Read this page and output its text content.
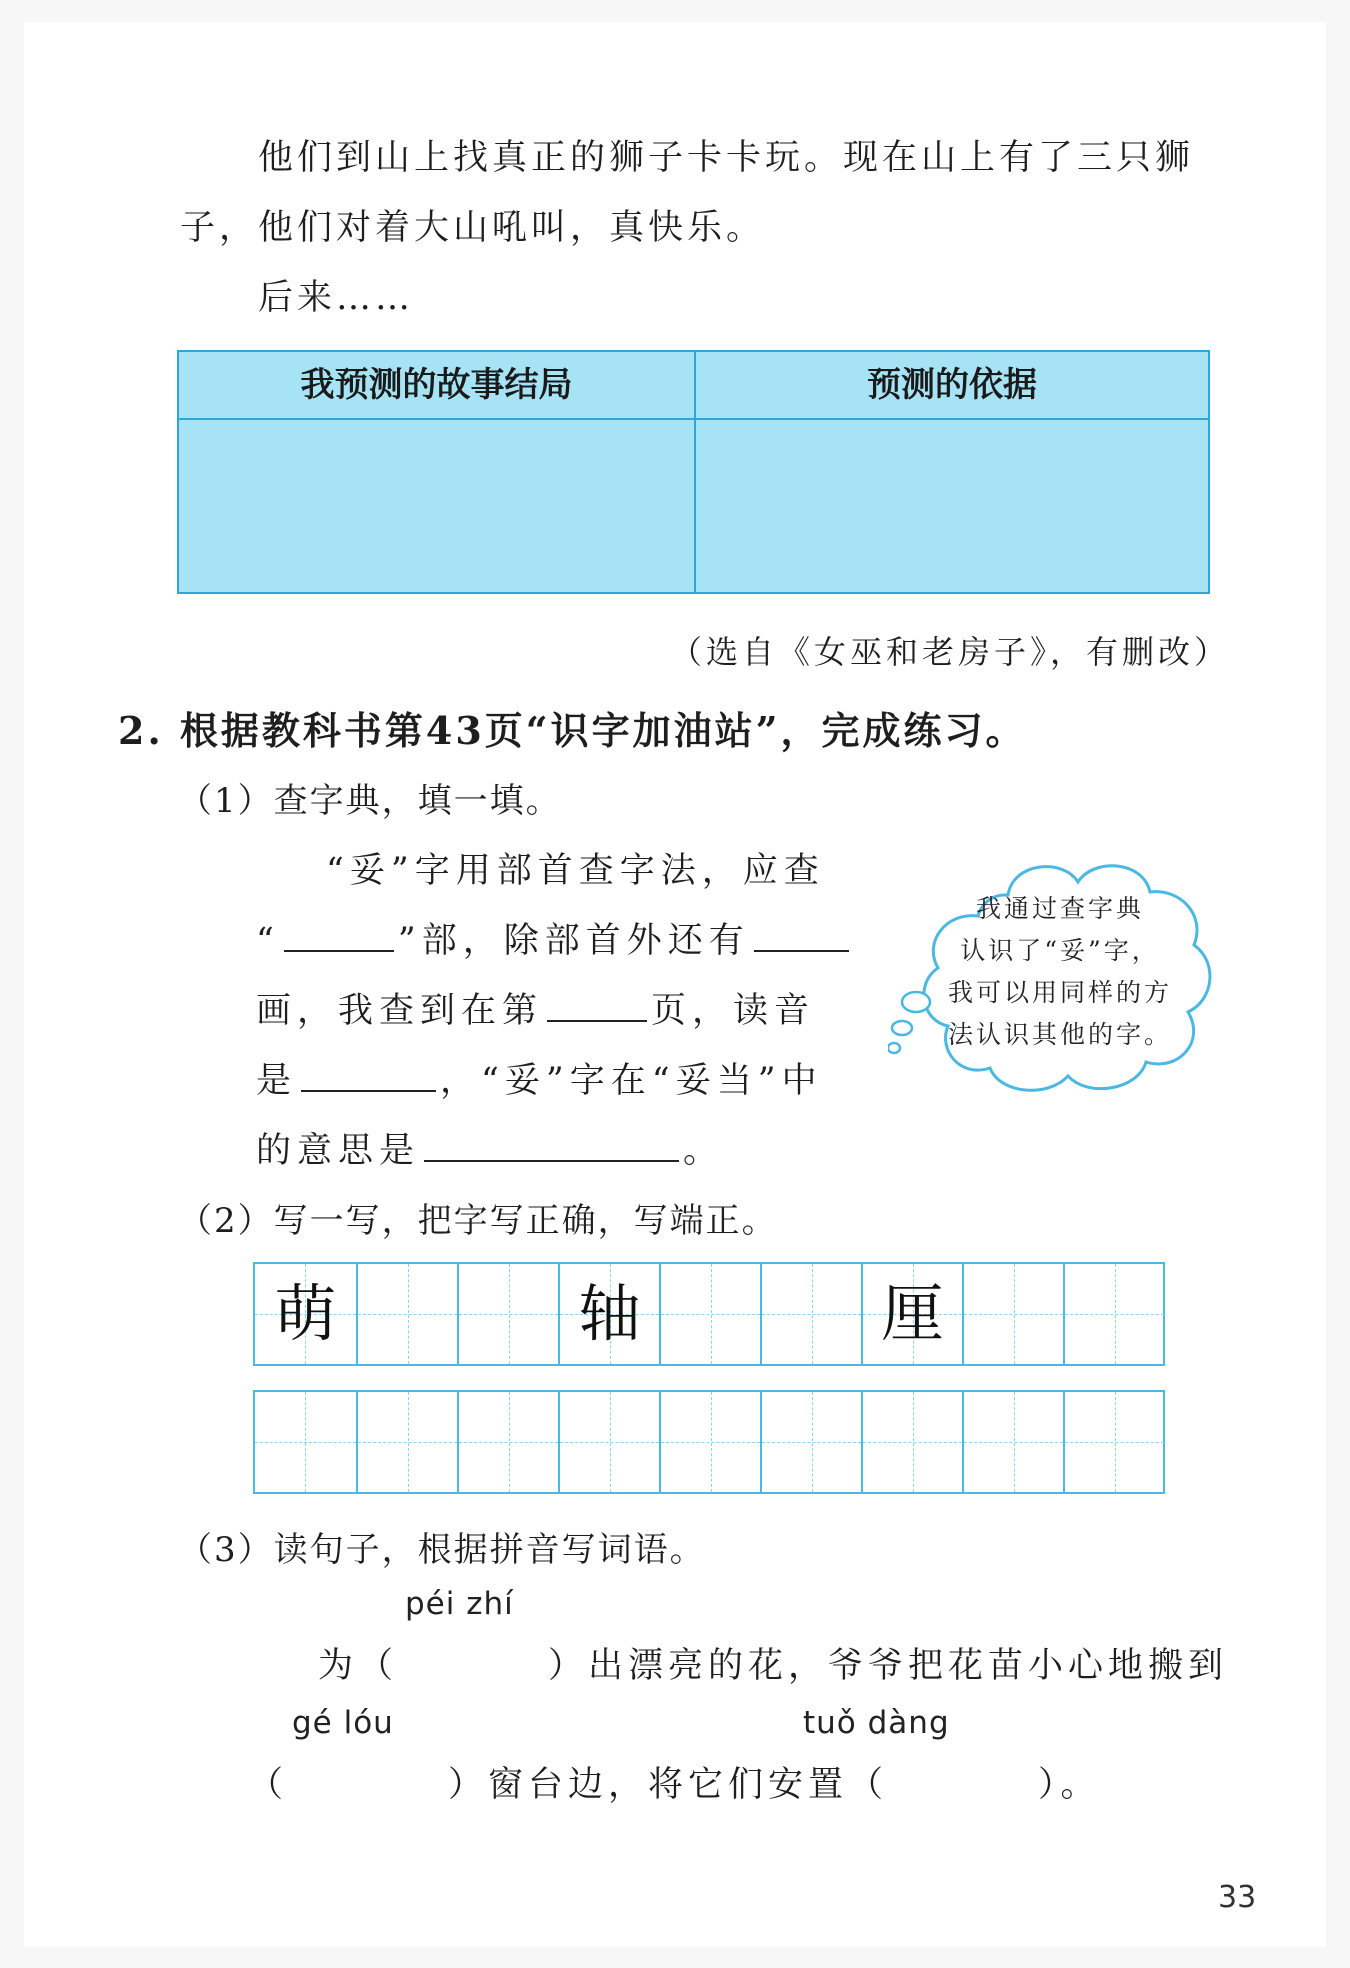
他们到山上找真正的狮子卡卡玩。现在山上有了三只狮
子，他们对着大山吼叫，真快乐。
后来……
我预测的故事结局	预测的依据
（选自《女巫和老房子》，有删改）
2. 根据教科书第43页“识字加油站”，完成练习。
（1）查字典，填一填。
“妥”字用部首查字法，应查
“	”部，除部首外还有
画，我查到在第	页，读音
是	，“妥”字在“妥当”中
的意思是	。
我通过查字典
认识了“妥”字，
我可以用同样的方
法认识其他的字。
（2）写一写，把字写正确，写端正。
萌	轴	厘
（3）读句子，根据拼音写词语。
péi zhí
为（	）出漂亮的花，爷爷把花苗小心地搬到
gé lóu	tuǒ dàng
（	）窗台边，将它们安置（	）。
33
